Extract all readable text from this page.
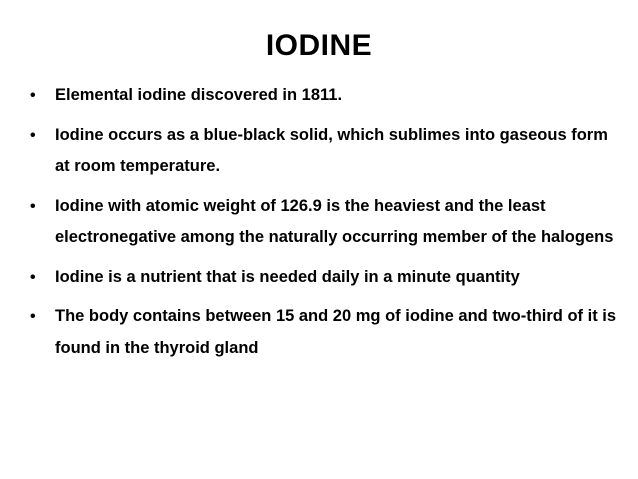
IODINE
• Elemental iodine discovered in 1811.
• Iodine occurs as a blue-black solid, which sublimes into gaseous form at room temperature.
• Iodine with atomic weight of 126.9 is the heaviest and the least electronegative among the naturally occurring member of the halogens
• Iodine is a nutrient that is needed daily in a minute quantity
• The body contains between 15 and 20 mg of iodine and two-third of it is found in the thyroid gland
